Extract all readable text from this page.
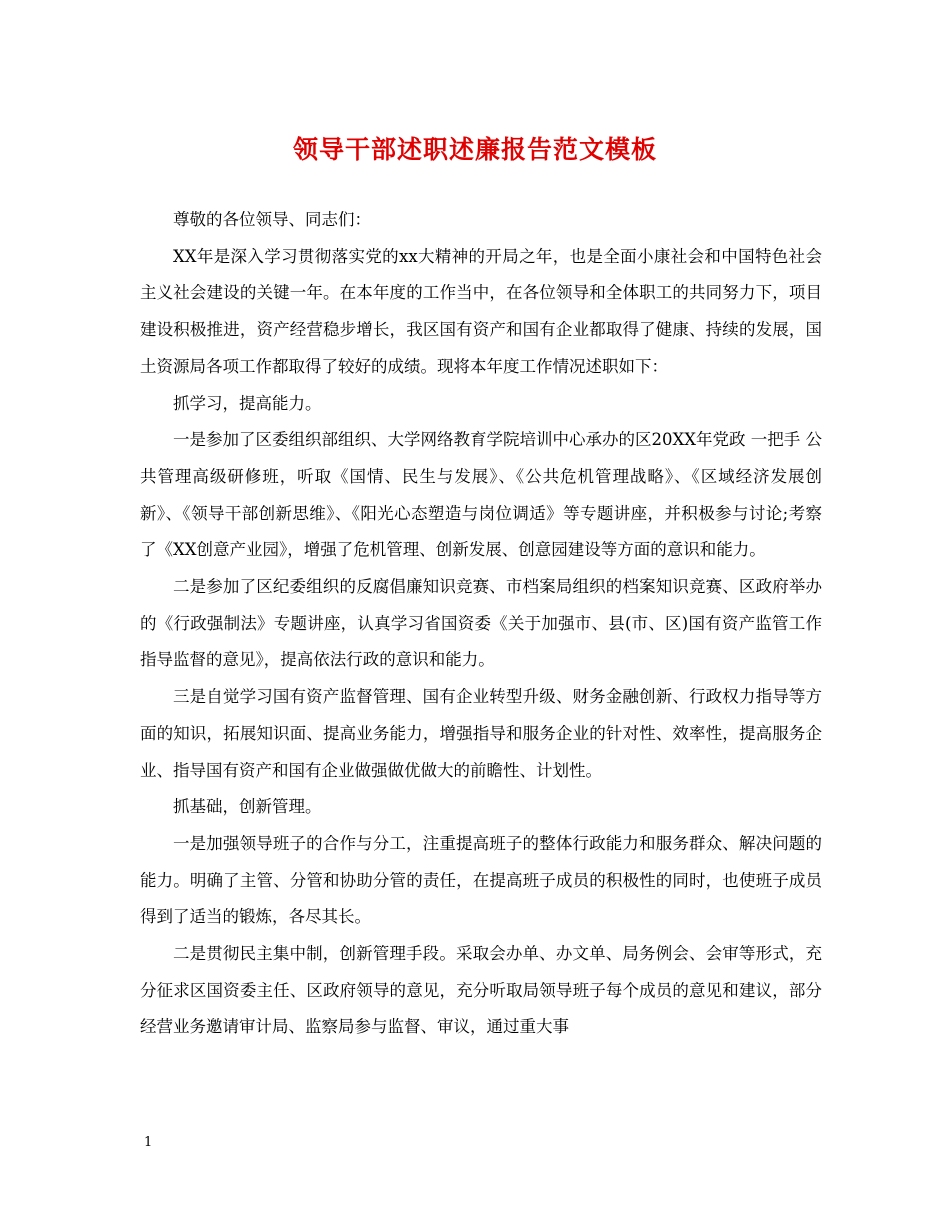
领导干部述职述廉报告范文模板

尊敬的各位领导、同志们：

XX年是深入学习贯彻落实党的xx大精神的开局之年，也是全面小康社会和中国特色社会主义社会建设的关键一年。在本年度的工作当中，在各位领导和全体职工的共同努力下，项目建设积极推进，资产经营稳步增长，我区国有资产和国有企业都取得了健康、持续的发展，国土资源局各项工作都取得了较好的成绩。现将本年度工作情况述职如下：

抓学习，提高能力。

一是参加了区委组织部组织、大学网络教育学院培训中心承办的区20XX年党政 一把手 公共管理高级研修班，听取《国情、民生与发展》、《公共危机管理战略》、《区域经济发展创新》、《领导干部创新思维》、《阳光心态塑造与岗位调适》等专题讲座，并积极参与讨论;考察了《XX创意产业园》，增强了危机管理、创新发展、创意园建设等方面的意识和能力。

二是参加了区纪委组织的反腐倡廉知识竞赛、市档案局组织的档案知识竞赛、区政府举办的《行政强制法》专题讲座，认真学习省国资委《关于加强市、县(市、区)国有资产监管工作指导监督的意见》，提高依法行政的意识和能力。

三是自觉学习国有资产监督管理、国有企业转型升级、财务金融创新、行政权力指导等方面的知识，拓展知识面、提高业务能力，增强指导和服务企业的针对性、效率性，提高服务企业、指导国有资产和国有企业做强做优做大的前瞻性、计划性。

抓基础，创新管理。

一是加强领导班子的合作与分工，注重提高班子的整体行政能力和服务群众、解决问题的能力。明确了主管、分管和协助分管的责任，在提高班子成员的积极性的同时，也使班子成员得到了适当的锻炼，各尽其长。

二是贯彻民主集中制，创新管理手段。采取会办单、办文单、局务例会、会审等形式，充分征求区国资委主任、区政府领导的意见，充分听取局领导班子每个成员的意见和建议，部分经营业务邀请审计局、监察局参与监督、审议，通过重大事

1
